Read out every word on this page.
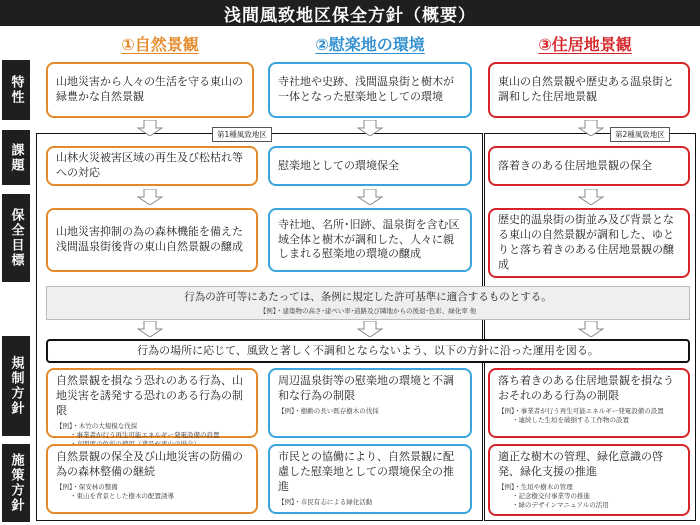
浅間風致地区保全方針（概要）
①自然景観	②慰楽地の環境	③住居地景観
特性
課題
保全目標
規制方針
施策方針
第1種風致地区	第2種風致地区
山地災害から人々の生活を守る東山の緑豊かな自然景観
寺社地や史跡、浅間温泉街と樹木が一体となった慰楽地としての環境
東山の自然景観や歴史ある温泉街と調和した住居地景観
山林火災被害区域の再生及び松枯れ等への対応
慰楽地としての環境保全	落着きのある住居地景観の保全
山地災害抑制の為の森林機能を備えた浅間温泉街後背の東山自然景観の醸成
寺社地、名所･旧跡、温泉街を含む区域全体と樹木が調和した、人々に親しまれる慰楽地の環境の醸成
歴史的温泉街の街並み及び背景となる東山の自然景観が調和した、ゆとりと落ち着きのある住居地景観の醸成
行為の許可等にあたっては、条例に規定した許可基準に適合するものとする。
【例】・建築物の高さ･建ぺい率･道路及び隣地からの後退･色彩、緑化率 他
行為の場所に応じて、風致と著しく不調和とならないよう、以下の方針に沿った運用を図る。
自然景観を損なう恐れのある行為、山地災害を誘発する恐れのある行為の制限
【例】・木竹の大規模な伐採
・事業者が行う再生可能エネルギー発電設備の設置
周辺温泉街等の慰楽地の環境と不調和な行為の制限
【例】・樹齢の長い既存樹木の伐採
落ち着きのある住居地景観を損なうおそれのある行為の制限
【例】・事業者が行う再生可能エネルギー発電設備の設置
・連続した生垣を破損する工作物の設置
自然景観の保全及び山地災害の防備の為の森林整備の継続
【例】・保安林の整備
・東山を背景とした樹木の配置誘導
市民との協働により、自然景観に配慮した慰楽地としての環境保全の推進
【例】・市民有志による緑化活動
適正な樹木の管理、緑化意識の啓発、緑化支援の推進
【例】・生垣や樹木の管理
・記念樹交付事業等の推進
・緑のデザインマニュアルの活用
